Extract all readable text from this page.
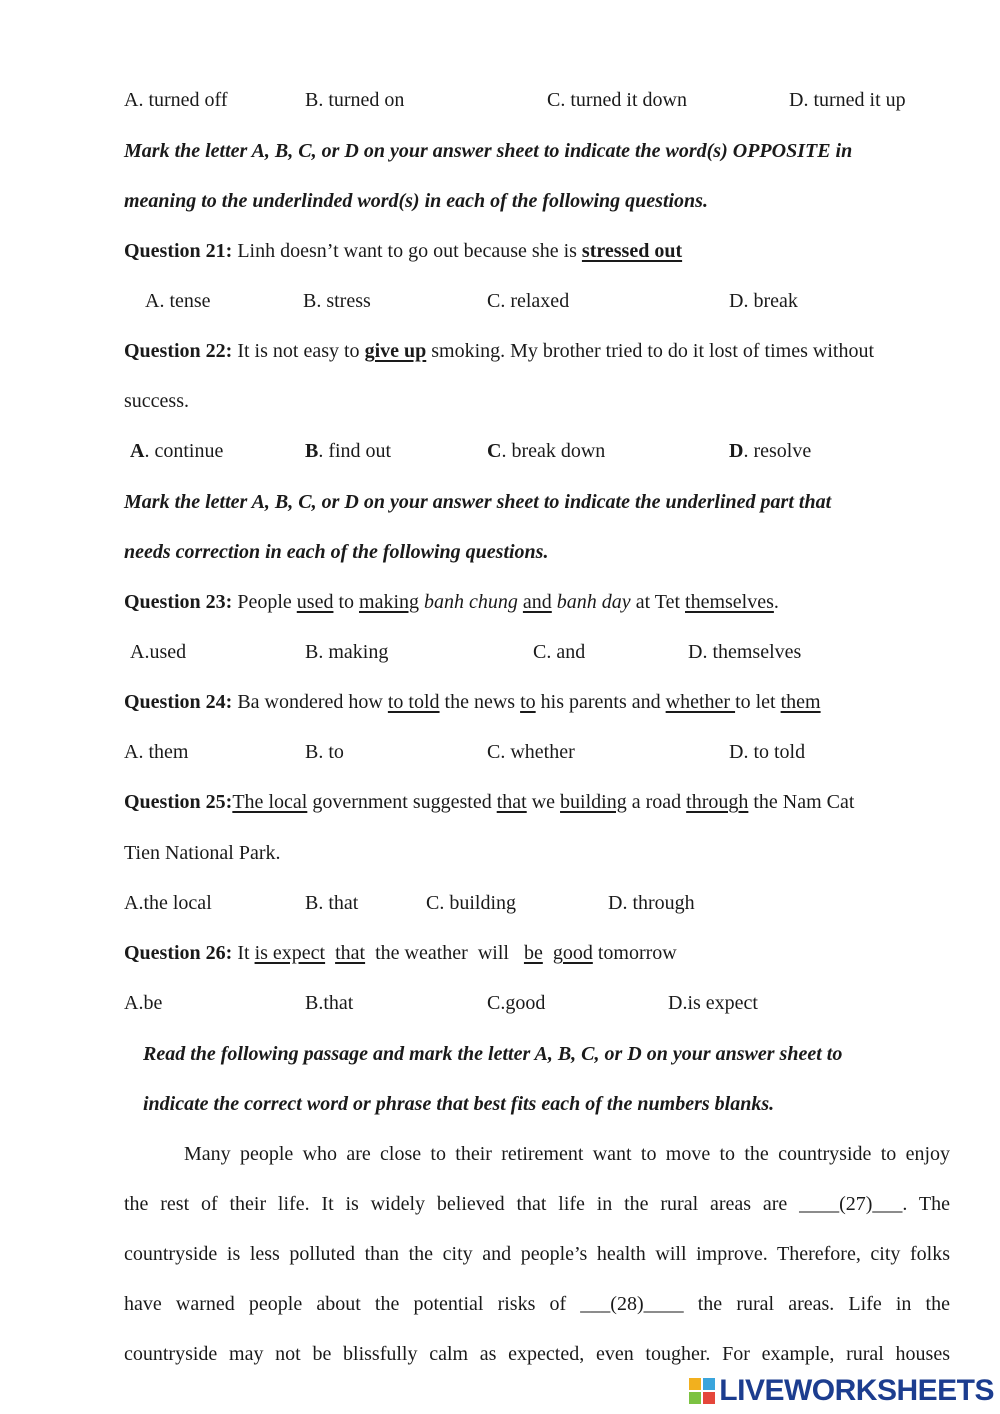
A. turned off	B. turned on	C. turned it down	D. turned it up
Mark the letter A, B, C, or D on your answer sheet to indicate the word(s) OPPOSITE in
meaning to the underlinded word(s) in each of the following questions.
Question 21: Linh doesn’t want to go out because she is stressed out
A. tense	B. stress	C. relaxed	D. break
Question 22: It is not easy to give up smoking. My brother tried to do it lost of times without
success.
A. continue	B. find out	C. break down	D. resolve
Mark the letter A, B, C, or D on your answer sheet to indicate the underlined part that
needs correction in each of the following questions.
Question 23: People used to making banh chung and banh day at Tet themselves.
A.used	B. making	C. and	D. themselves
Question 24: Ba wondered how to told the news to his parents and whether to let them
A. them	B. to	C. whether	D. to told
Question 25:The local government suggested that we building a road through the Nam Cat
Tien National Park.
A.the local	B. that	C. building	D. through
Question 26: It is expect that  the weather  will   be good tomorrow
A.be	B.that	C.good	D.is expect
Read the following passage and mark the letter A, B, C, or D on your answer sheet to
indicate the correct word or phrase that best fits each of the numbers blanks.
Many people who are close to their retirement want to move to the countryside to enjoy
the rest of their life. It is widely believed that life in the rural areas are ____(27)___. The
countryside is less polluted than the city and people’s health will improve. Therefore, city folks
have warned people about the potential risks of ___(28)____ the rural areas. Life in the
countryside may not be blissfully calm as expected, even tougher. For example, rural houses
LIVEWORKSHEETS
